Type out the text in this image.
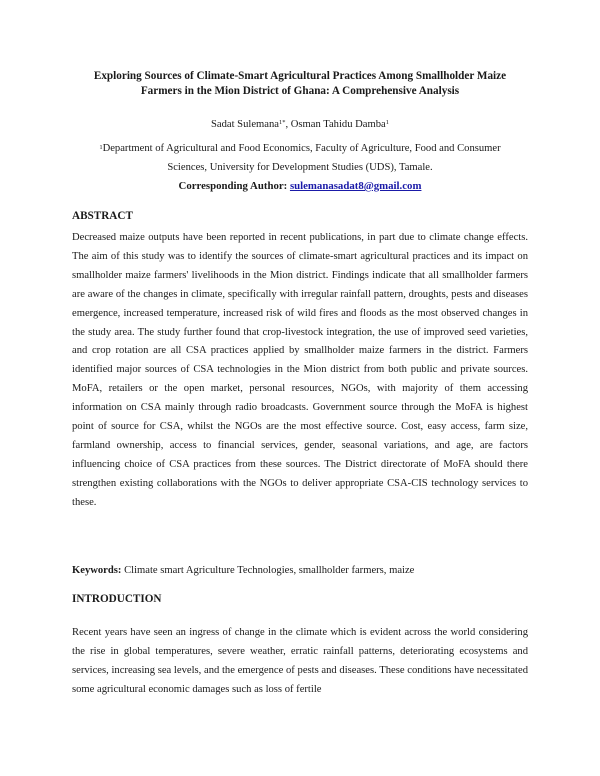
Exploring Sources of Climate-Smart Agricultural Practices Among Smallholder Maize
Farmers in the Mion District of Ghana: A Comprehensive Analysis
Sadat Sulemana$^{1*}$, Osman Tahidu Damba$^1$
$^1$Department of Agricultural and Food Economics, Faculty of Agriculture, Food and Consumer
Sciences, University for Development Studies (UDS), Tamale.
Corresponding Author: sulemanasadat8@gmail.com
ABSTRACT

Decreased maize outputs have been reported in recent publications, in part due to climate change effects. The aim of this study was to identify the sources of climate-smart agricultural practices and its impact on smallholder maize farmers' livelihoods in the Mion district. Findings indicate that all smallholder farmers are aware of the changes in climate, specifically with irregular rainfall pattern, droughts, pests and diseases emergence, increased temperature, increased risk of wild fires and floods as the most observed changes in the study area. The study further found that crop-livestock integration, the use of improved seed varieties, and crop rotation are all CSA practices applied by smallholder maize farmers in the district. Farmers identified major sources of CSA technologies in the Mion district from both public and private sources. MoFA, retailers or the open market, personal resources, NGOs, with majority of them accessing information on CSA mainly through radio broadcasts. Government source through the MoFA is highest point of source for CSA, whilst the NGOs are the most effective source. Cost, easy access, farm size, farmland ownership, access to financial services, gender, seasonal variations, and age, are factors influencing choice of CSA practices from these sources. The District directorate of MoFA should there strengthen existing collaborations with the NGOs to deliver appropriate CSA-CIS technology services to these.

Keywords: Climate smart Agriculture Technologies, smallholder farmers, maize
INTRODUCTION

Recent years have seen an ingress of change in the climate which is evident across the world considering the rise in global temperatures, severe weather, erratic rainfall patterns, deteriorating ecosystems and services, increasing sea levels, and the emergence of pests and diseases. These conditions have necessitated some agricultural economic damages such as loss of fertile
